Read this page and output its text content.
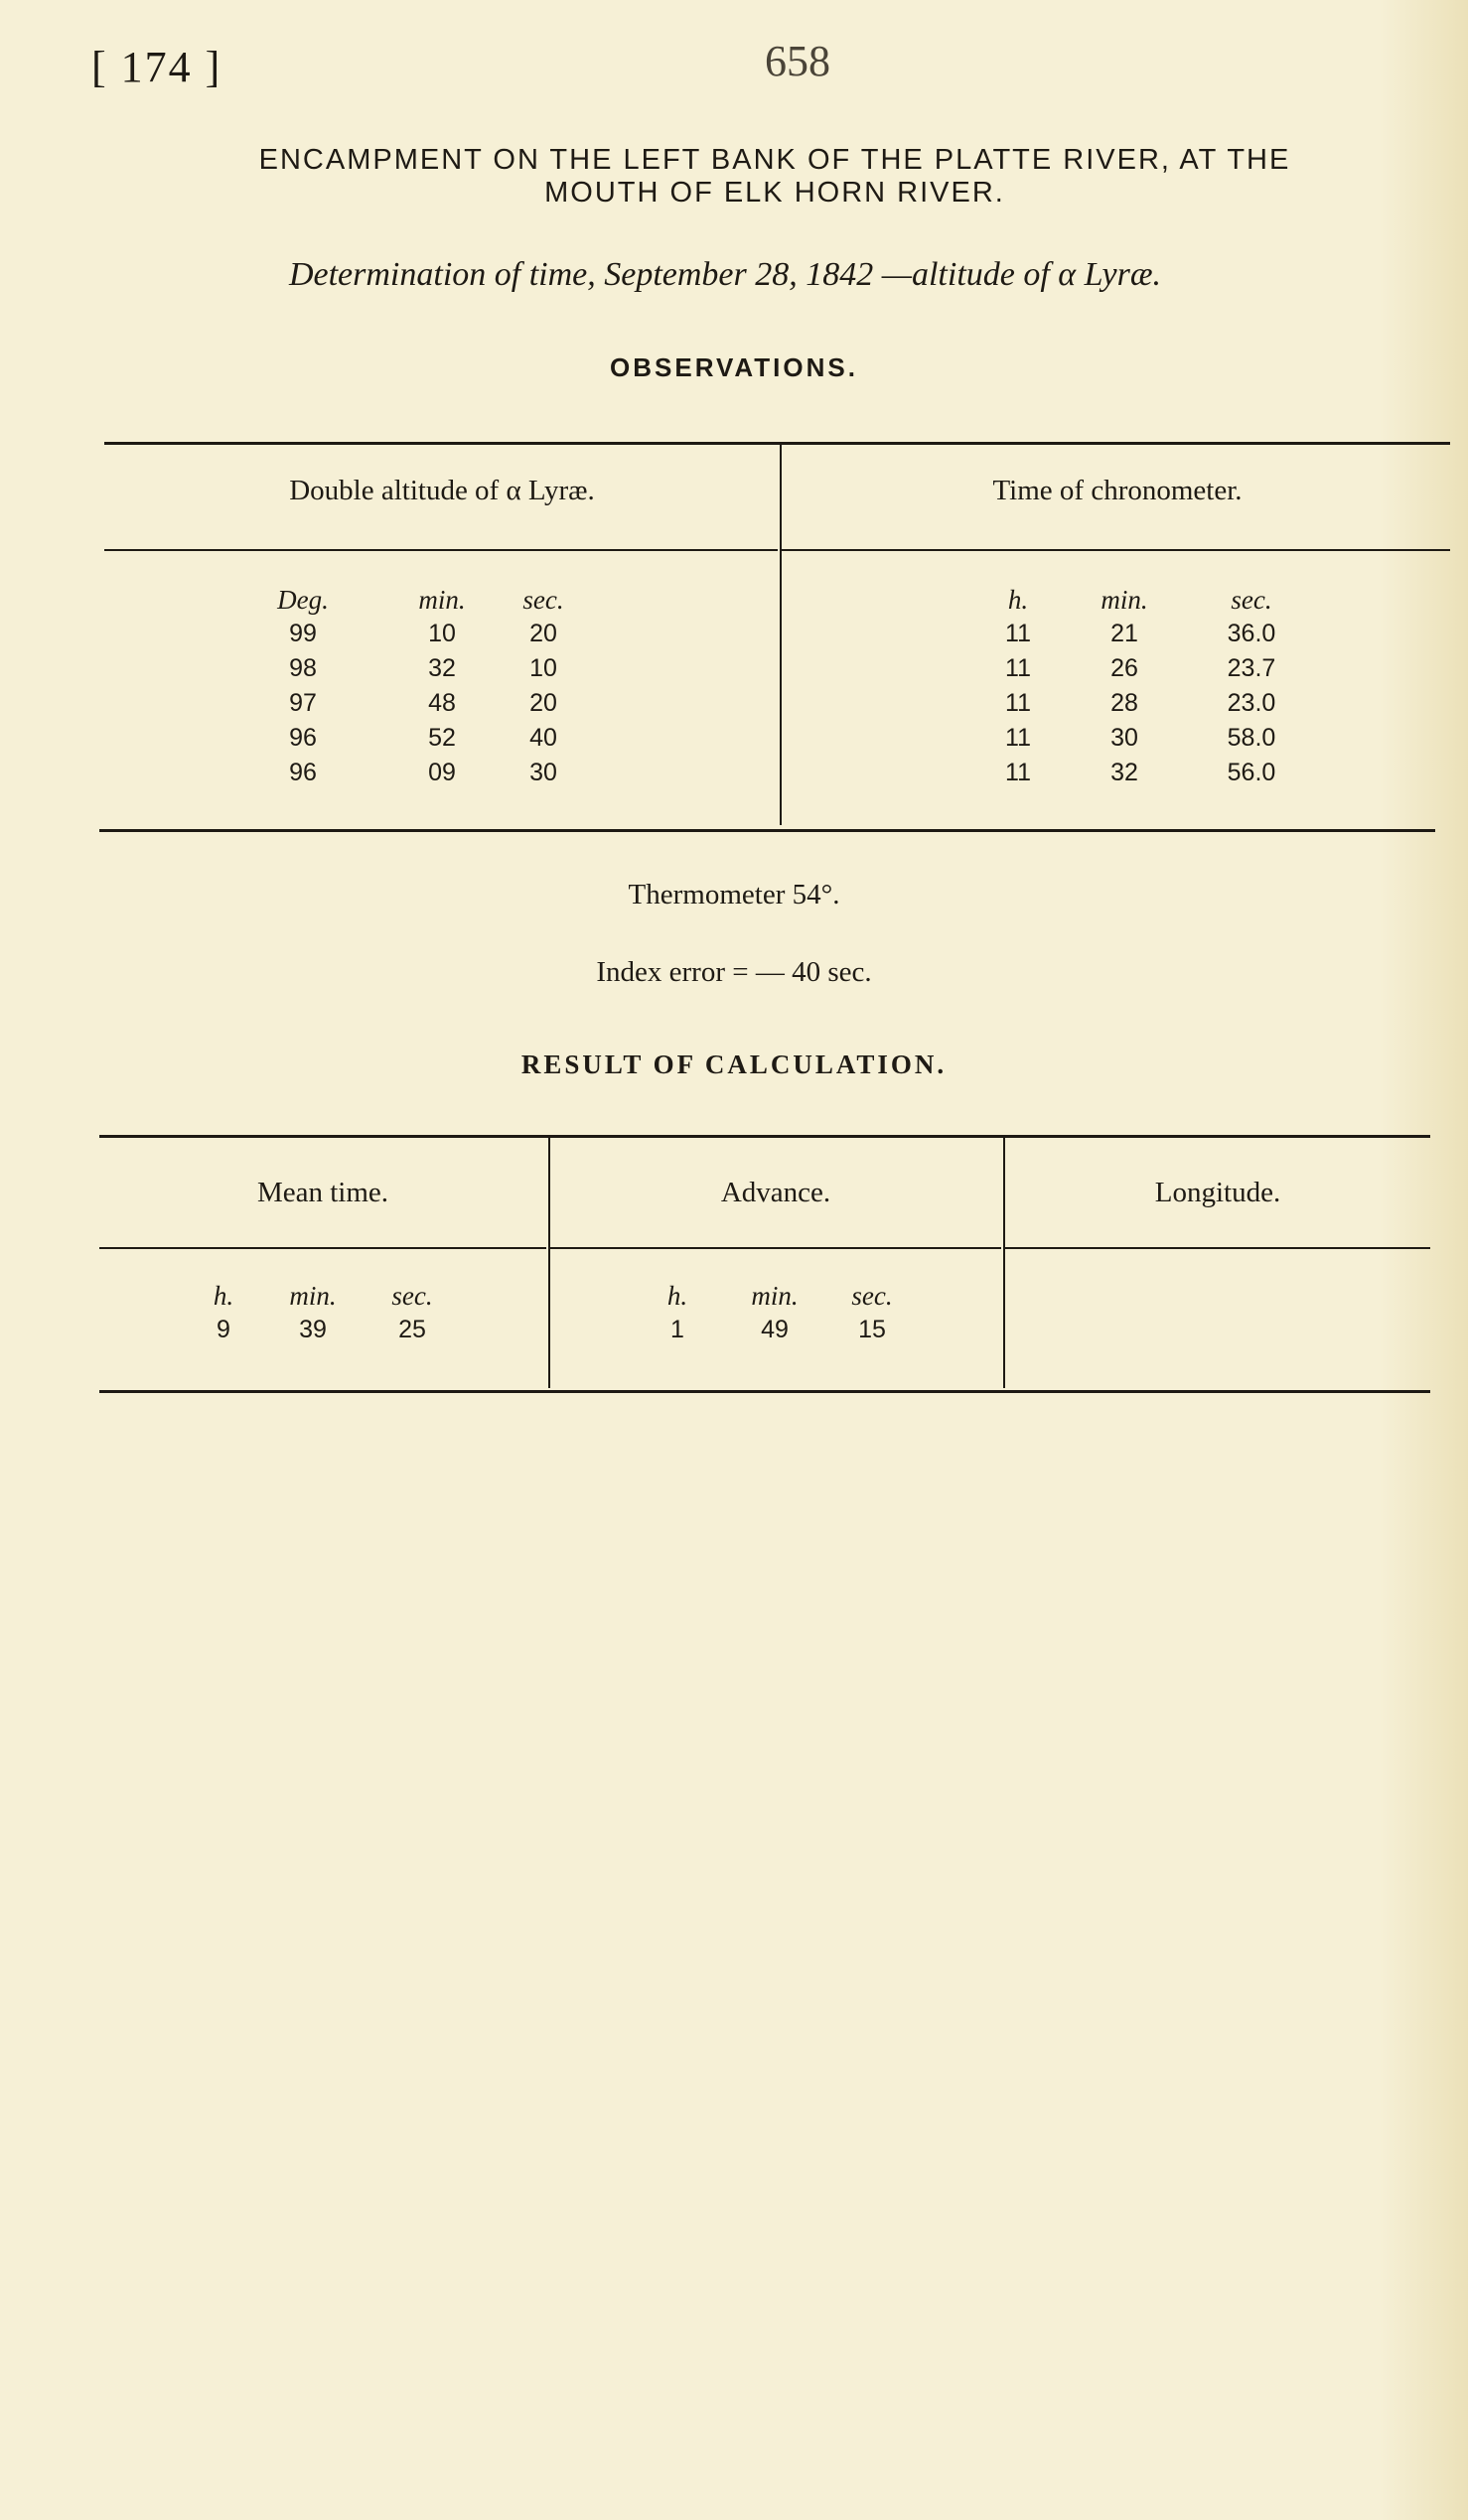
[ 174 ]	658
ENCAMPMENT ON THE LEFT BANK OF THE PLATTE RIVER, AT THE
MOUTH OF ELK HORN RIVER.
Determination of time, September 28, 1842 —altitude of α Lyræ.
OBSERVATIONS.
Double altitude of α Lyræ.	Time of chronometer.
Deg.	min.	sec.	h.	min.	sec.
99	10	20	11	21	36.0
98	32	10	11	26	23.7
97	48	20	11	28	23.0
96	52	40	11	30	58.0
96	09	30	11	32	56.0
Thermometer 54°.
Index error = — 40 sec.
RESULT OF CALCULATION.
Mean time.	Advance.	Longitude.
h.	min.	sec.
9	39	25
h.	min.	sec.
1	49	15
